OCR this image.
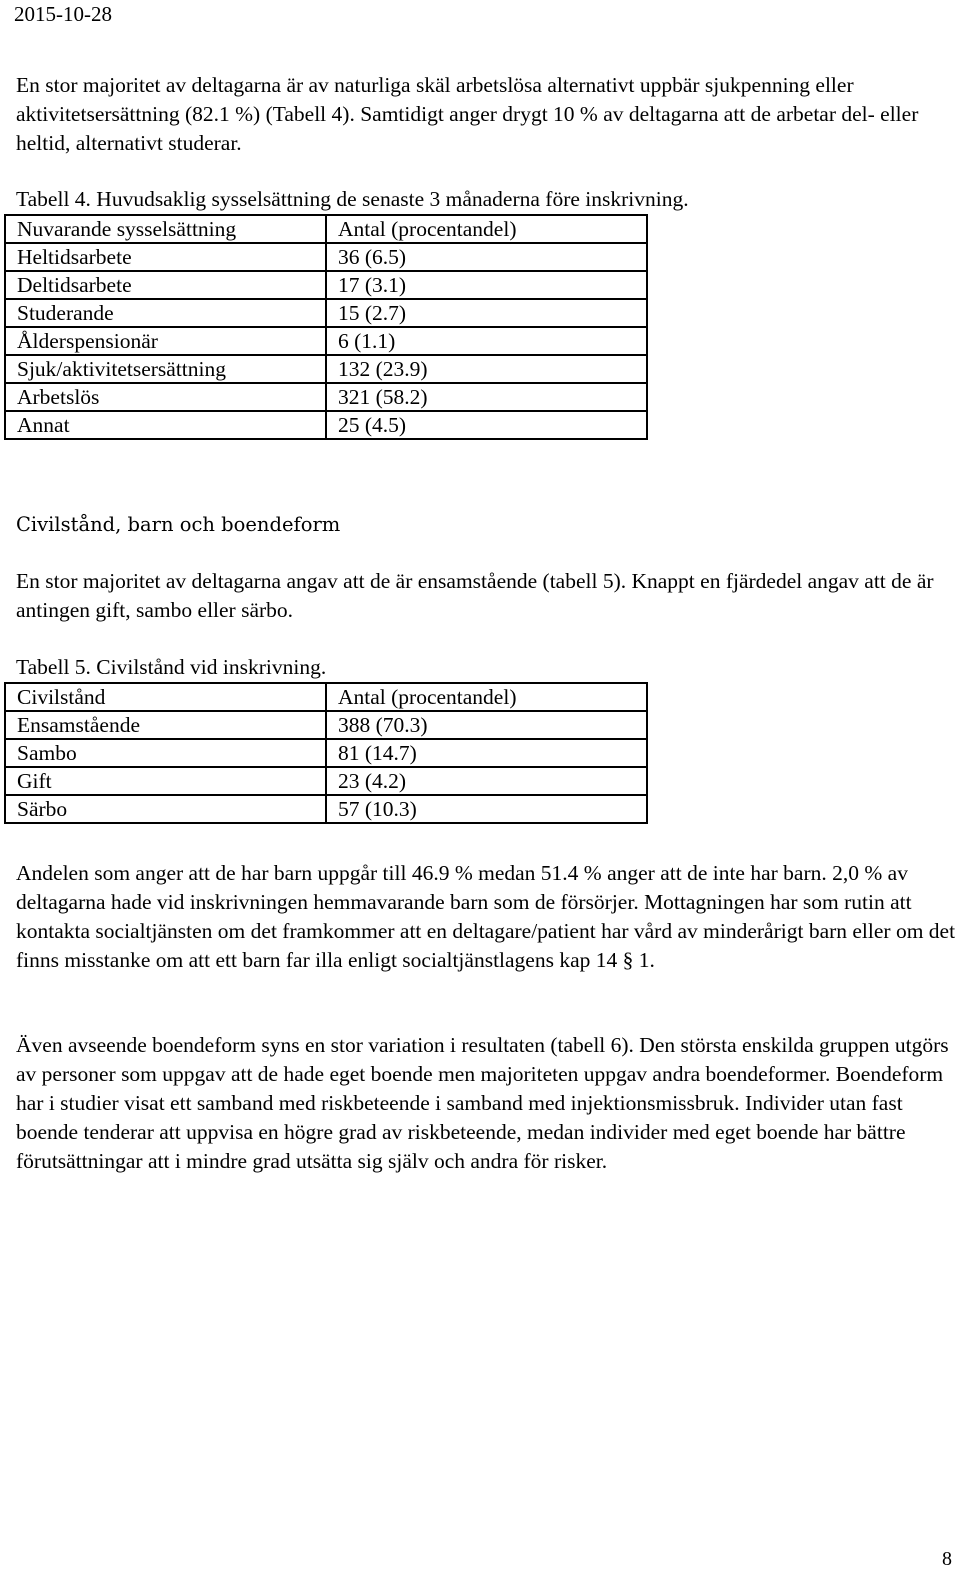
2015-10-28

En stor majoritet av deltagarna är av naturliga skäl arbetslösa alternativt uppbär sjukpenning eller aktivitetsersättning (82.1 %) (Tabell 4). Samtidigt anger drygt 10 % av deltagarna att de arbetar del- eller heltid, alternativt studerar.

Tabell 4. Huvudsaklig sysselsättning de senaste 3 månaderna före inskrivning.
Nuvarande sysselsättning	Antal (procentandel)
Heltidsarbete	36 (6.5)
Deltidsarbete	17 (3.1)
Studerande	15 (2.7)
Ålderspensionär	6 (1.1)
Sjuk/aktivitetsersättning	132 (23.9)
Arbetslös	321 (58.2)
Annat	25 (4.5)
Civilstånd, barn och boendeform

En stor majoritet av deltagarna angav att de är ensamstående (tabell 5). Knappt en fjärdedel angav att de är antingen gift, sambo eller särbo.

Tabell 5. Civilstånd vid inskrivning.
Civilstånd	Antal (procentandel)
Ensamstående	388 (70.3)
Sambo	81 (14.7)
Gift	23 (4.2)
Särbo	57 (10.3)

Andelen som anger att de har barn uppgår till 46.9 % medan 51.4 % anger att de inte har barn. 2,0 % av deltagarna hade vid inskrivningen hemmavarande barn som de försörjer. Mottagningen har som rutin att kontakta socialtjänsten om det framkommer att en deltagare/patient har vård av minderårigt barn eller om det finns misstanke om att ett barn far illa enligt socialtjänstlagens kap 14 § 1.

Även avseende boendeform syns en stor variation i resultaten (tabell 6). Den största enskilda gruppen utgörs av personer som uppgav att de hade eget boende men majoriteten uppgav andra boendeformer. Boendeform har i studier visat ett samband med riskbeteende i samband med injektionsmissbruk. Individer utan fast boende tenderar att uppvisa en högre grad av riskbeteende, medan individer med eget boende har bättre förutsättningar att i mindre grad utsätta sig själv och andra för risker.

8
